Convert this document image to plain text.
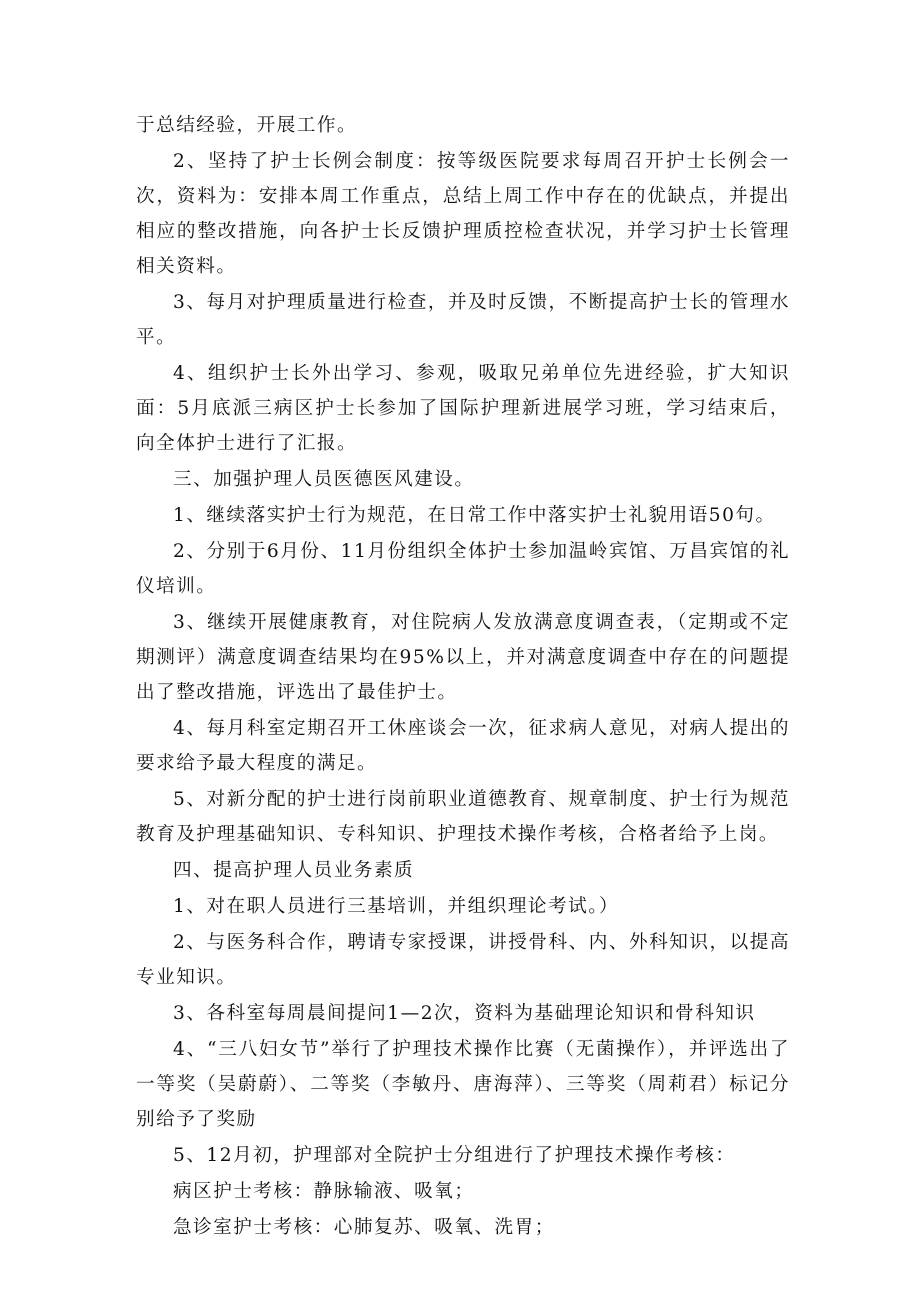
于总结经验，开展工作。

2、坚持了护士长例会制度：按等级医院要求每周召开护士长例会一次，资料为：安排本周工作重点，总结上周工作中存在的优缺点，并提出相应的整改措施，向各护士长反馈护理质控检查状况，并学习护士长管理相关资料。

3、每月对护理质量进行检查，并及时反馈，不断提高护士长的管理水平。

4、组织护士长外出学习、参观，吸取兄弟单位先进经验，扩大知识面：5月底派三病区护士长参加了国际护理新进展学习班，学习结束后，向全体护士进行了汇报。

三、加强护理人员医德医风建设。

1、继续落实护士行为规范，在日常工作中落实护士礼貌用语50句。

2、分别于6月份、11月份组织全体护士参加温岭宾馆、万昌宾馆的礼仪培训。

3、继续开展健康教育，对住院病人发放满意度调查表，（定期或不定期测评）满意度调查结果均在95%以上，并对满意度调查中存在的问题提出了整改措施，评选出了最佳护士。

4、每月科室定期召开工休座谈会一次，征求病人意见，对病人提出的要求给予最大程度的满足。

5、对新分配的护士进行岗前职业道德教育、规章制度、护士行为规范教育及护理基础知识、专科知识、护理技术操作考核，合格者给予上岗。

四、提高护理人员业务素质

1、对在职人员进行三基培训，并组织理论考试。）

2、与医务科合作，聘请专家授课，讲授骨科、内、外科知识，以提高专业知识。

3、各科室每周晨间提问1—2次，资料为基础理论知识和骨科知识

4、“三八妇女节”举行了护理技术操作比赛（无菌操作），并评选出了一等奖（吴蔚蔚）、二等奖（李敏丹、唐海萍）、三等奖（周莉君）标记分别给予了奖励

5、12月初，护理部对全院护士分组进行了护理技术操作考核：

病区护士考核：静脉输液、吸氧；

急诊室护士考核：心肺复苏、吸氧、洗胃；
